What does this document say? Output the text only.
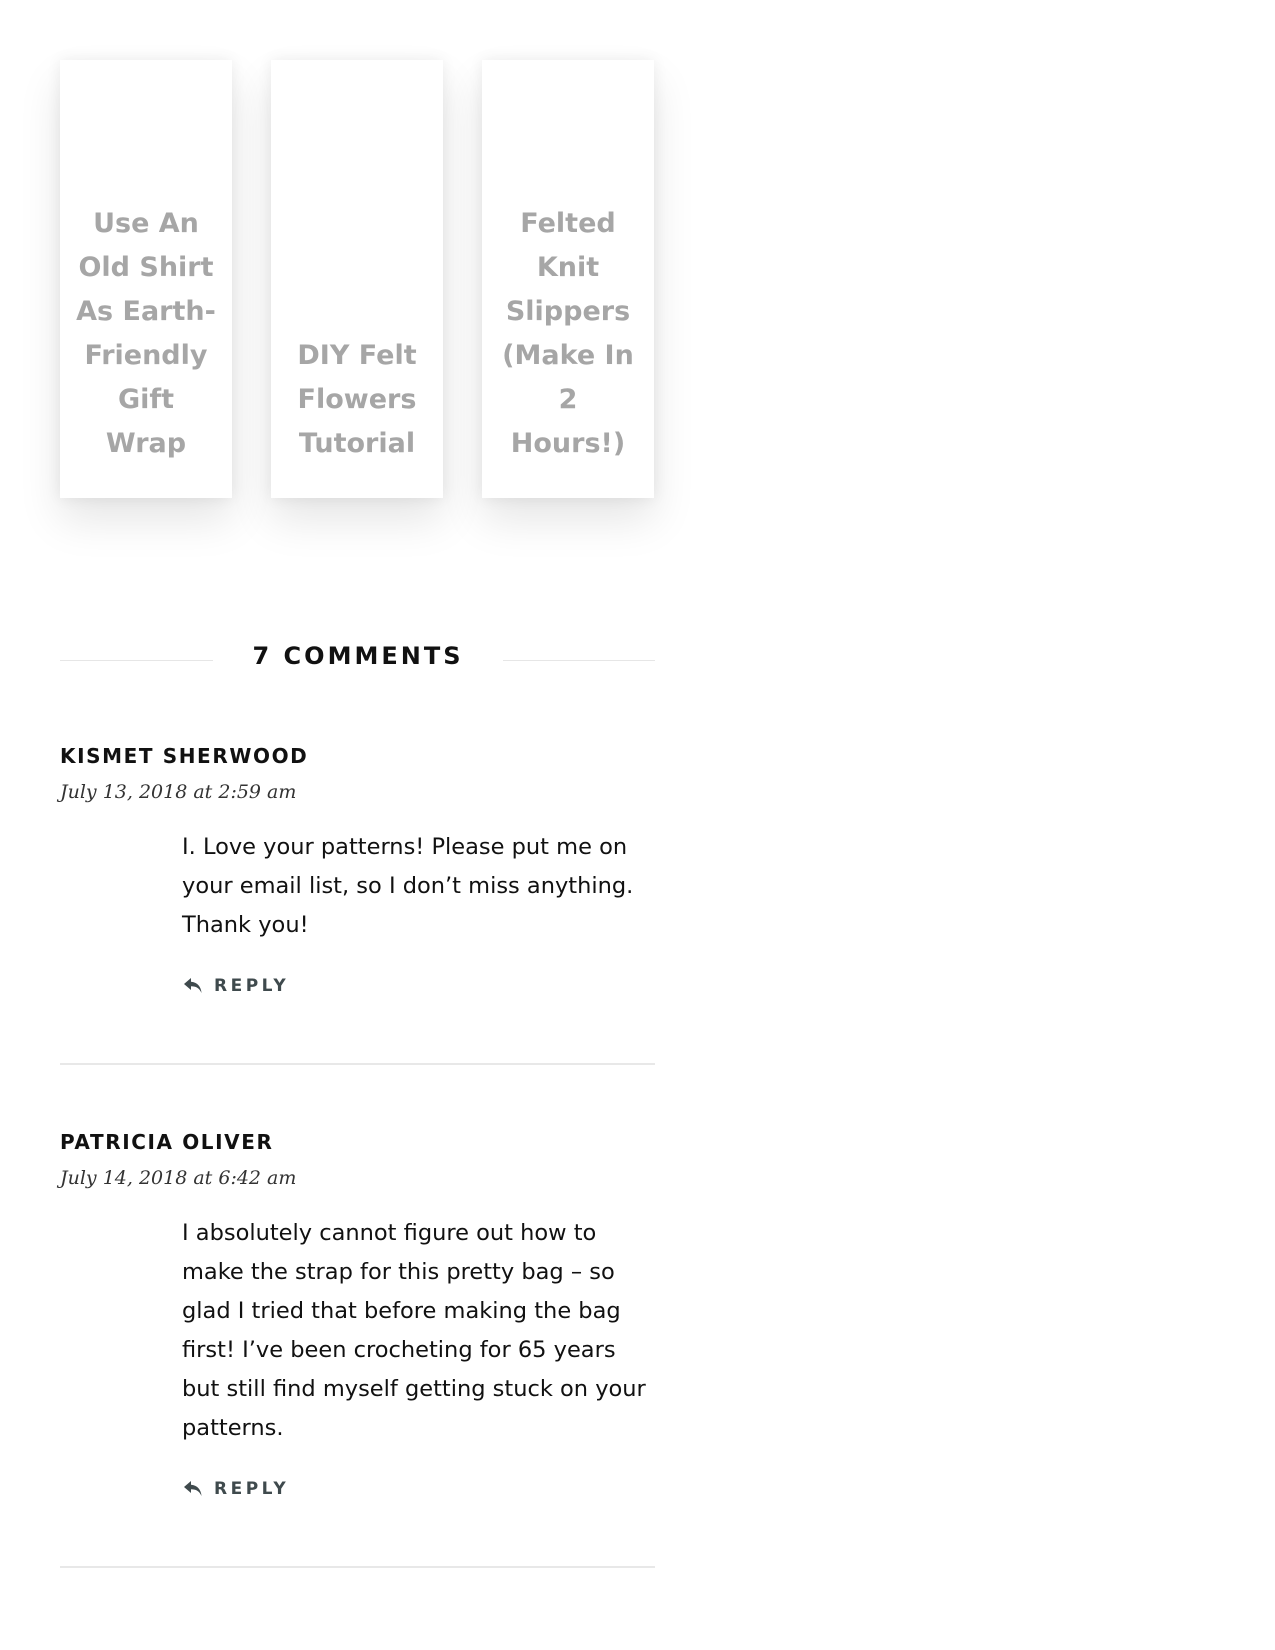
Use An Old Shirt As Earth-Friendly Gift Wrap
DIY Felt Flowers Tutorial
Felted Knit Slippers (Make In 2 Hours!)
7 COMMENTS
KISMET SHERWOOD
July 13, 2018 at 2:59 am
I. Love your patterns! Please put me on your email list, so I don’t miss anything. Thank you!
REPLY
PATRICIA OLIVER
July 14, 2018 at 6:42 am
I absolutely cannot figure out how to make the strap for this pretty bag – so glad I tried that before making the bag first! I’ve been crocheting for 65 years but still find myself getting stuck on your patterns.
REPLY
